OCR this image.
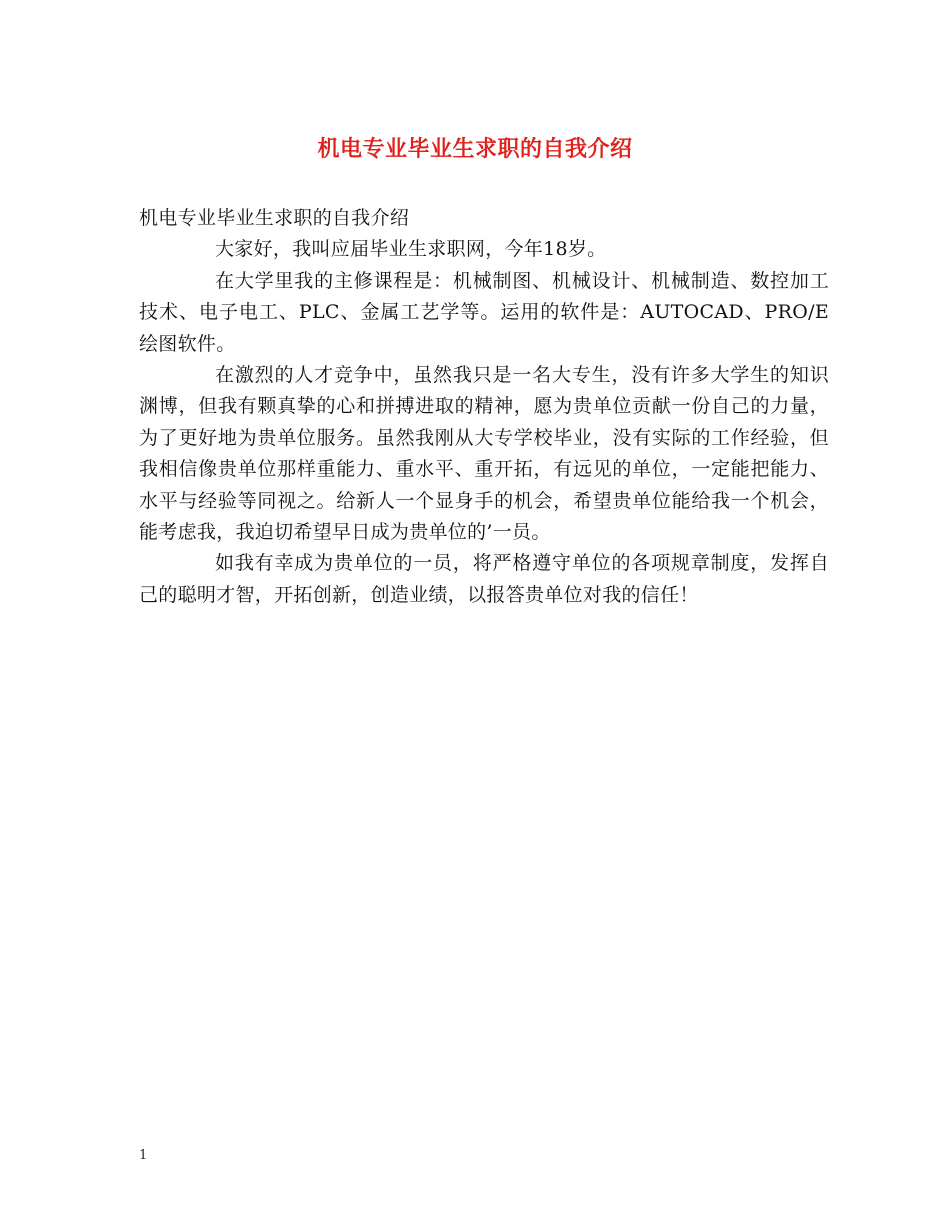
机电专业毕业生求职的自我介绍

机电专业毕业生求职的自我介绍

大家好，我叫应届毕业生求职网，今年18岁。

在大学里我的主修课程是：机械制图、机械设计、机械制造、数控加工技术、电子电工、PLC、金属工艺学等。运用的软件是：AUTOCAD、PRO/E绘图软件。

在激烈的人才竞争中，虽然我只是一名大专生，没有许多大学生的知识渊博，但我有颗真挚的心和拼搏进取的精神，愿为贵单位贡献一份自己的力量，为了更好地为贵单位服务。虽然我刚从大专学校毕业，没有实际的工作经验，但我相信像贵单位那样重能力、重水平、重开拓，有远见的单位，一定能把能力、水平与经验等同视之。给新人一个显身手的机会，希望贵单位能给我一个机会，能考虑我，我迫切希望早日成为贵单位的’一员。

如我有幸成为贵单位的一员，将严格遵守单位的各项规章制度，发挥自己的聪明才智，开拓创新，创造业绩，以报答贵单位对我的信任！

1
